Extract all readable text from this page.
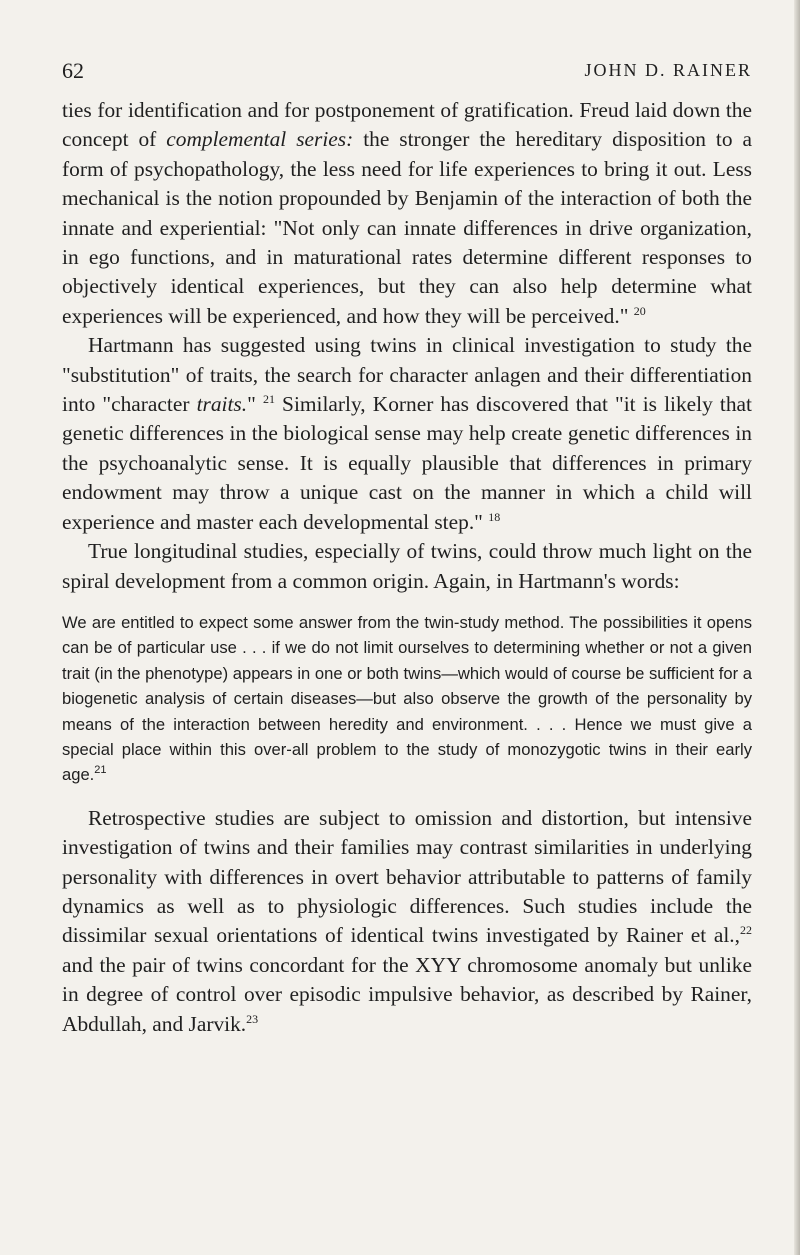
62	JOHN D. RAINER

ties for identification and for postponement of gratification. Freud laid down the concept of complemental series: the stronger the hereditary disposition to a form of psychopathology, the less need for life experiences to bring it out. Less mechanical is the notion propounded by Benjamin of the interaction of both the innate and experiential: "Not only can innate differences in drive organization, in ego functions, and in maturational rates determine different responses to objectively identical experiences, but they can also help determine what experiences will be experienced, and how they will be perceived." $^{20}$

Hartmann has suggested using twins in clinical investigation to study the "substitution" of traits, the search for character anlagen and their differentiation into "character traits." $^{21}$ Similarly, Korner has discovered that "it is likely that genetic differences in the biological sense may help create genetic differences in the psychoanalytic sense. It is equally plausible that differences in primary endowment may throw a unique cast on the manner in which a child will experience and master each developmental step." $^{18}$

True longitudinal studies, especially of twins, could throw much light on the spiral development from a common origin. Again, in Hartmann's words:

We are entitled to expect some answer from the twin-study method. The possibilities it opens can be of particular use . . . if we do not limit ourselves to determining whether or not a given trait (in the phenotype) appears in one or both twins—which would of course be sufficient for a biogenetic analysis of certain diseases—but also observe the growth of the personality by means of the interaction between heredity and environment. . . . Hence we must give a special place within this over-all problem to the study of monozygotic twins in their early age.$^{21}$

Retrospective studies are subject to omission and distortion, but intensive investigation of twins and their families may contrast similarities in underlying personality with differences in overt behavior attributable to patterns of family dynamics as well as to physiologic differences. Such studies include the dissimilar sexual orientations of identical twins investigated by Rainer et al.,$^{22}$ and the pair of twins concordant for the XYY chromosome anomaly but unlike in degree of control over episodic impulsive behavior, as described by Rainer, Abdullah, and Jarvik.$^{23}$
